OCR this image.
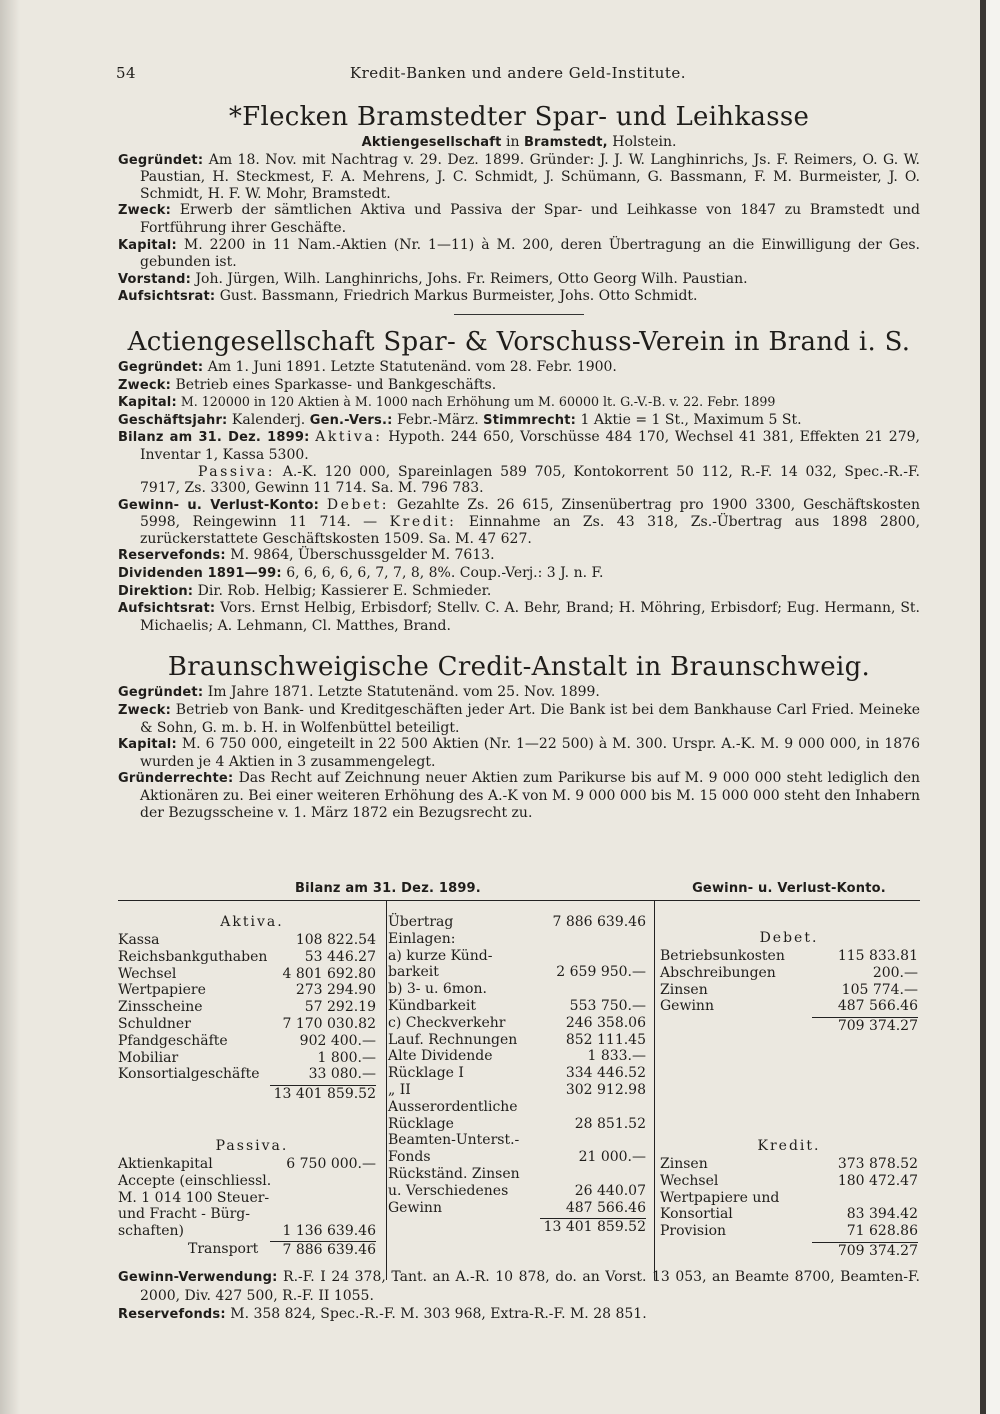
54	Kredit-Banken und andere Geld-Institute.

*Flecken Bramstedter Spar- und Leihkasse

Aktiengesellschaft in Bramstedt, Holstein.

Gegründet: Am 18. Nov. mit Nachtrag v. 29. Dez. 1899. Gründer: J. J. W. Langhinrichs, Js. F. Reimers, O. G. W. Paustian, H. Steckmest, F. A. Mehrens, J. C. Schmidt, J. Schümann, G. Bassmann, F. M. Burmeister, J. O. Schmidt, H. F. W. Mohr, Bramstedt.

Zweck: Erwerb der sämtlichen Aktiva und Passiva der Spar- und Leihkasse von 1847 zu Bramstedt und Fortführung ihrer Geschäfte.

Kapital: M. 2200 in 11 Nam.-Aktien (Nr. 1—11) à M. 200, deren Übertragung an die Einwilligung der Ges. gebunden ist.

Vorstand: Joh. Jürgen, Wilh. Langhinrichs, Johs. Fr. Reimers, Otto Georg Wilh. Paustian.

Aufsichtsrat: Gust. Bassmann, Friedrich Markus Burmeister, Johs. Otto Schmidt.

Actiengesellschaft Spar- & Vorschuss-Verein in Brand i. S.

Gegründet: Am 1. Juni 1891. Letzte Statutenänd. vom 28. Febr. 1900.

Zweck: Betrieb eines Sparkasse- und Bankgeschäfts.

Kapital: M. 120000 in 120 Aktien à M. 1000 nach Erhöhung um M. 60000 lt. G.-V.-B. v. 22. Febr. 1899

Geschäftsjahr: Kalenderj. Gen.-Vers.: Febr.-März. Stimmrecht: 1 Aktie = 1 St., Maximum 5 St.

Bilanz am 31. Dez. 1899: Aktiva: Hypoth. 244 650, Vorschüsse 484 170, Wechsel 41 381, Effekten 21 279, Inventar 1, Kassa 5300.
Passiva: A.-K. 120 000, Spareinlagen 589 705, Kontokorrent 50 112, R.-F. 14 032, Spec.-R.-F. 7917, Zs. 3300, Gewinn 11 714. Sa. M. 796 783.

Gewinn- u. Verlust-Konto: Debet: Gezahlte Zs. 26 615, Zinsenübertrag pro 1900 3300, Geschäftskosten 5998, Reingewinn 11 714. — Kredit: Einnahme an Zs. 43 318, Zs.-Übertrag aus 1898 2800, zurückerstattete Geschäftskosten 1509. Sa. M. 47 627.

Reservefonds: M. 9864, Überschussgelder M. 7613.

Dividenden 1891—99: 6, 6, 6, 6, 6, 7, 7, 8, 8%. Coup.-Verj.: 3 J. n. F.

Direktion: Dir. Rob. Helbig; Kassierer E. Schmieder.

Aufsichtsrat: Vors. Ernst Helbig, Erbisdorf; Stellv. C. A. Behr, Brand; H. Möhring, Erbisdorf; Eug. Hermann, St. Michaelis; A. Lehmann, Cl. Matthes, Brand.

Braunschweigische Credit-Anstalt in Braunschweig.

Gegründet: Im Jahre 1871. Letzte Statutenänd. vom 25. Nov. 1899.

Zweck: Betrieb von Bank- und Kreditgeschäften jeder Art. Die Bank ist bei dem Bankhause Carl Fried. Meineke & Sohn, G. m. b. H. in Wolfenbüttel beteiligt.

Kapital: M. 6 750 000, eingeteilt in 22 500 Aktien (Nr. 1—22 500) à M. 300. Urspr. A.-K. M. 9 000 000, in 1876 wurden je 4 Aktien in 3 zusammengelegt.

Gründerrechte: Das Recht auf Zeichnung neuer Aktien zum Parikurse bis auf M. 9 000 000 steht lediglich den Aktionären zu. Bei einer weiteren Erhöhung des A.-K von M. 9 000 000 bis M. 15 000 000 steht den Inhabern der Bezugsscheine v. 1. März 1872 ein Bezugsrecht zu.

Bilanz am 31. Dez. 1899.	Gewinn- u. Verlust-Konto.
Aktiva.
Kassa	108 822.54
Reichsbankguthaben	53 446.27
Wechsel	4 801 692.80
Wertpapiere	273 294.90
Zinsscheine	57 292.19
Schuldner	7 170 030.82
Pfandgeschäfte	902 400.—
Mobiliar	1 800.—
Konsortialgeschäfte	33 080.—
13 401 859.52
Passiva.
Aktienkapital	6 750 000.—
Accepte (einschliessl.
M. 1 014 100 Steuer-
und Fracht - Bürg-
schaften)	1 136 639.46
Transport	7 886 639.46
Übertrag	7 886 639.46
Einlagen:
a) kurze Künd-
barkeit	2 659 950.—
b) 3- u. 6mon.
Kündbarkeit	553 750.—
c) Checkverkehr	246 358.06
Lauf. Rechnungen	852 111.45
Alte Dividende	1 833.—
Rücklage I	334 446.52
„ II	302 912.98
Ausserordentliche
Rücklage	28 851.52
Beamten-Unterst.-
Fonds	21 000.—
Rückständ. Zinsen
u. Verschiedenes	26 440.07
Gewinn	487 566.46
13 401 859.52
Debet.
Betriebsunkosten	115 833.81
Abschreibungen	200.—
Zinsen	105 774.—
Gewinn	487 566.46
709 374.27
Kredit.
Zinsen	373 878.52
Wechsel	180 472.47
Wertpapiere und
Konsortial	83 394.42
Provision	71 628.86
709 374.27

Gewinn-Verwendung: R.-F. I 24 378, Tant. an A.-R. 10 878, do. an Vorst. 13 053, an Beamte 8700, Beamten-F. 2000, Div. 427 500, R.-F. II 1055.

Reservefonds: M. 358 824, Spec.-R.-F. M. 303 968, Extra-R.-F. M. 28 851.
